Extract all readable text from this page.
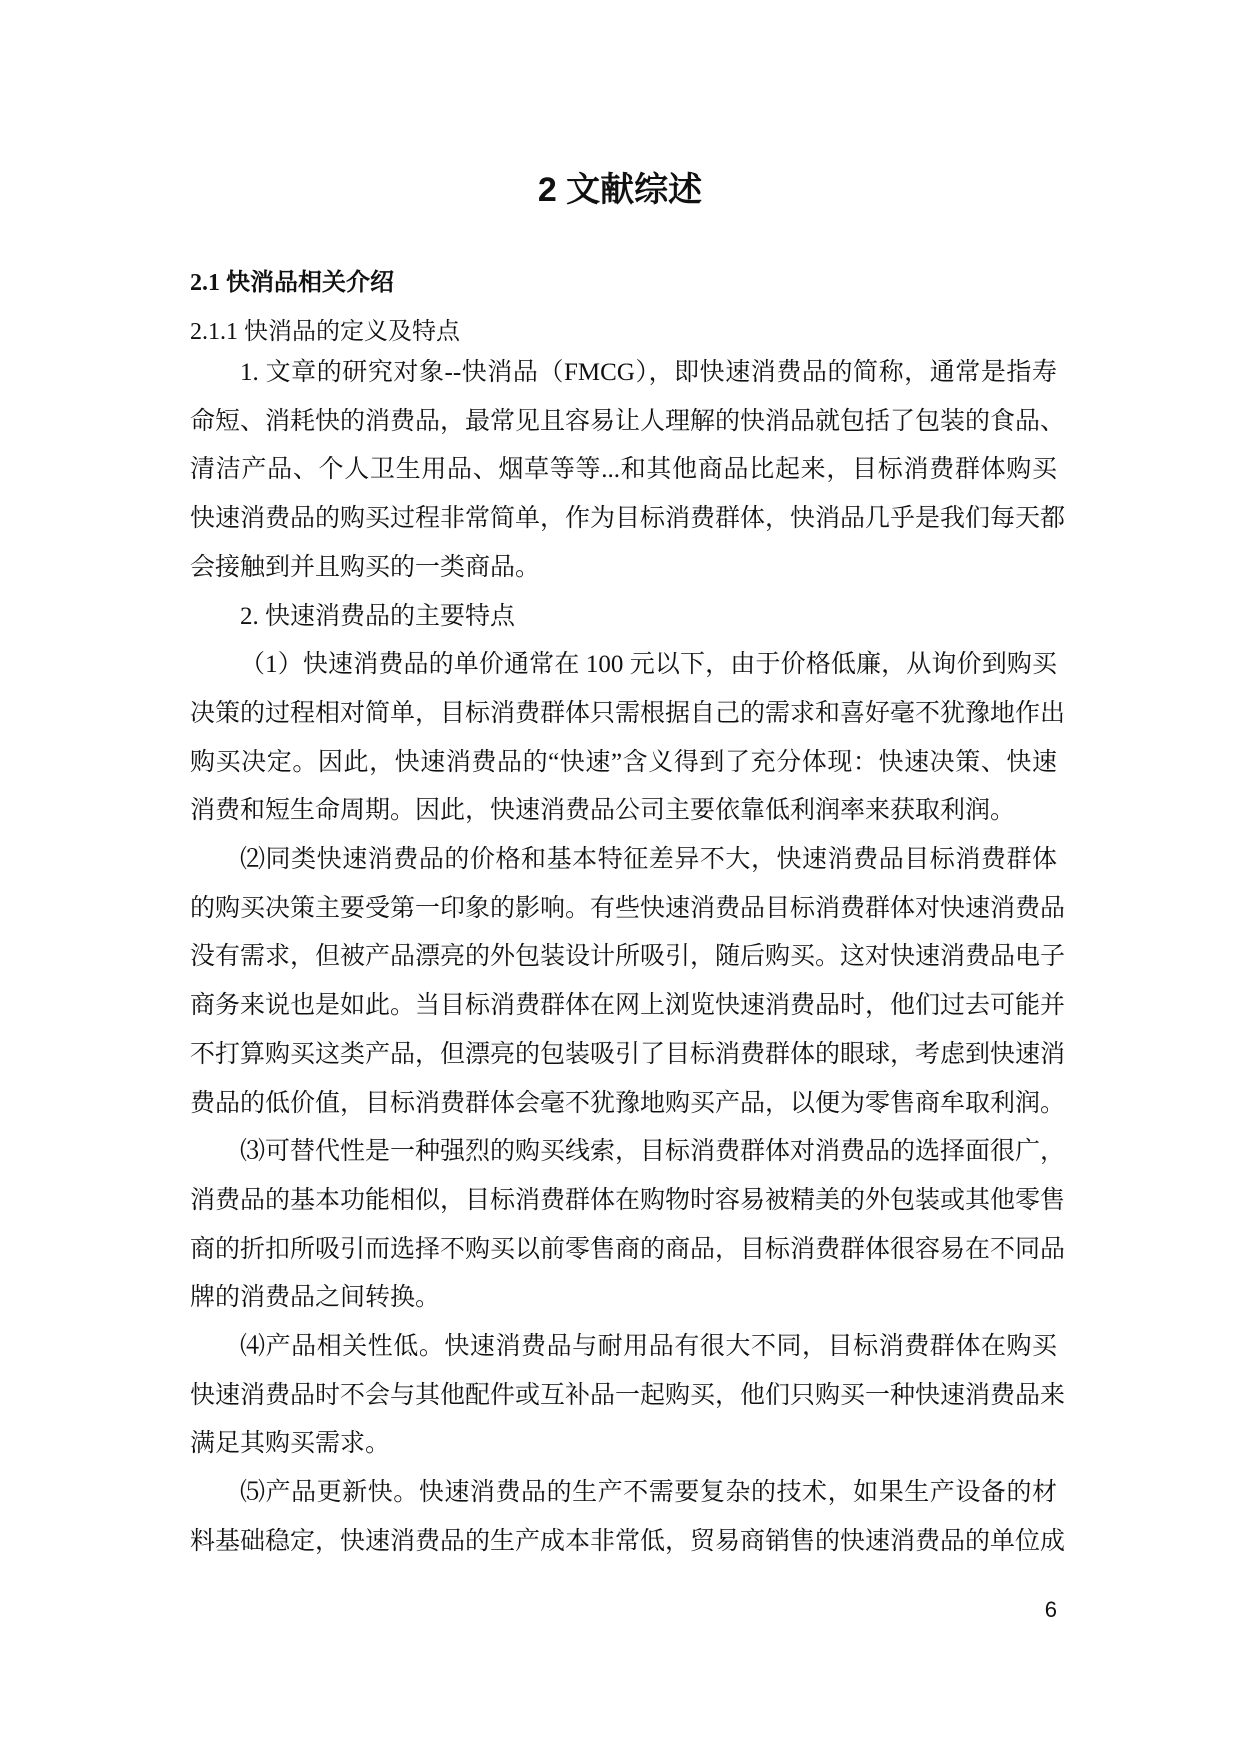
2 文献综述
2.1 快消品相关介绍
2.1.1 快消品的定义及特点
1. 文章的研究对象--快消品（FMCG），即快速消费品的简称，通常是指寿
命短、消耗快的消费品，最常见且容易让人理解的快消品就包括了包装的食品、
清洁产品、个人卫生用品、烟草等等...和其他商品比起来，目标消费群体购买
快速消费品的购买过程非常简单，作为目标消费群体，快消品几乎是我们每天都
会接触到并且购买的一类商品。
2. 快速消费品的主要特点
（1）快速消费品的单价通常在 100 元以下，由于价格低廉，从询价到购买
决策的过程相对简单，目标消费群体只需根据自己的需求和喜好毫不犹豫地作出
购买决定。因此，快速消费品的“快速”含义得到了充分体现：快速决策、快速
消费和短生命周期。因此，快速消费品公司主要依靠低利润率来获取利润。
⑵同类快速消费品的价格和基本特征差异不大，快速消费品目标消费群体
的购买决策主要受第一印象的影响。有些快速消费品目标消费群体对快速消费品
没有需求，但被产品漂亮的外包装设计所吸引，随后购买。这对快速消费品电子
商务来说也是如此。当目标消费群体在网上浏览快速消费品时，他们过去可能并
不打算购买这类产品，但漂亮的包装吸引了目标消费群体的眼球，考虑到快速消
费品的低价值，目标消费群体会毫不犹豫地购买产品，以便为零售商牟取利润。
⑶可替代性是一种强烈的购买线索，目标消费群体对消费品的选择面很广，
消费品的基本功能相似，目标消费群体在购物时容易被精美的外包装或其他零售
商的折扣所吸引而选择不购买以前零售商的商品，目标消费群体很容易在不同品
牌的消费品之间转换。
⑷产品相关性低。快速消费品与耐用品有很大不同，目标消费群体在购买
快速消费品时不会与其他配件或互补品一起购买，他们只购买一种快速消费品来
满足其购买需求。
⑸产品更新快。快速消费品的生产不需要复杂的技术，如果生产设备的材
料基础稳定，快速消费品的生产成本非常低，贸易商销售的快速消费品的单位成
6
